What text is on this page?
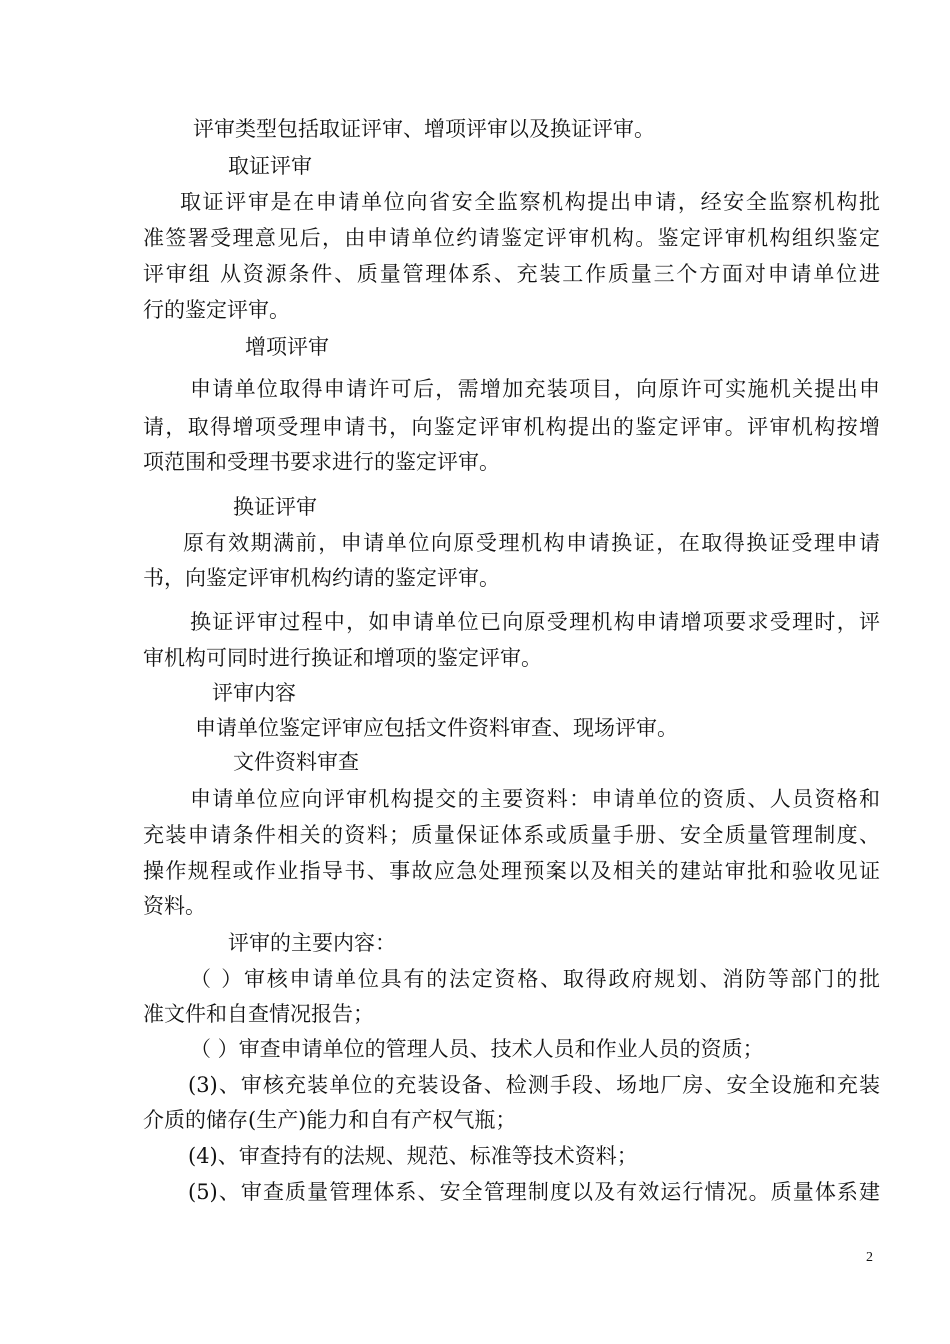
评审类型包括取证评审、增项评审以及换证评审。
取证评审
取证评审是在申请单位向省安全监察机构提出申请，经安全监察机构批
准签署受理意见后，由申请单位约请鉴定评审机构。鉴定评审机构组织鉴定
评审组 从资源条件、质量管理体系、充装工作质量三个方面对申请单位进
行的鉴定评审。
增项评审
申请单位取得申请许可后，需增加充装项目，向原许可实施机关提出申
请，取得增项受理申请书，向鉴定评审机构提出的鉴定评审。评审机构按增
项范围和受理书要求进行的鉴定评审。
换证评审
原有效期满前，申请单位向原受理机构申请换证，在取得换证受理申请
书，向鉴定评审机构约请的鉴定评审。
换证评审过程中，如申请单位已向原受理机构申请增项要求受理时，评
审机构可同时进行换证和增项的鉴定评审。
评审内容
申请单位鉴定评审应包括文件资料审查、现场评审。
文件资料审查
申请单位应向评审机构提交的主要资料：申请单位的资质、人员资格和
充装申请条件相关的资料；质量保证体系或质量手册、安全质量管理制度、
操作规程或作业指导书、事故应急处理预案以及相关的建站审批和验收见证
资料。
评审的主要内容：
（ ）审核申请单位具有的法定资格、取得政府规划、消防等部门的批
准文件和自查情况报告；
（ ）审查申请单位的管理人员、技术人员和作业人员的资质；
(3)、审核充装单位的充装设备、检测手段、场地厂房、安全设施和充装
介质的储存(生产)能力和自有产权气瓶；
(4)、审查持有的法规、规范、标准等技术资料；
(5)、审查质量管理体系、安全管理制度以及有效运行情况。质量体系建
2
